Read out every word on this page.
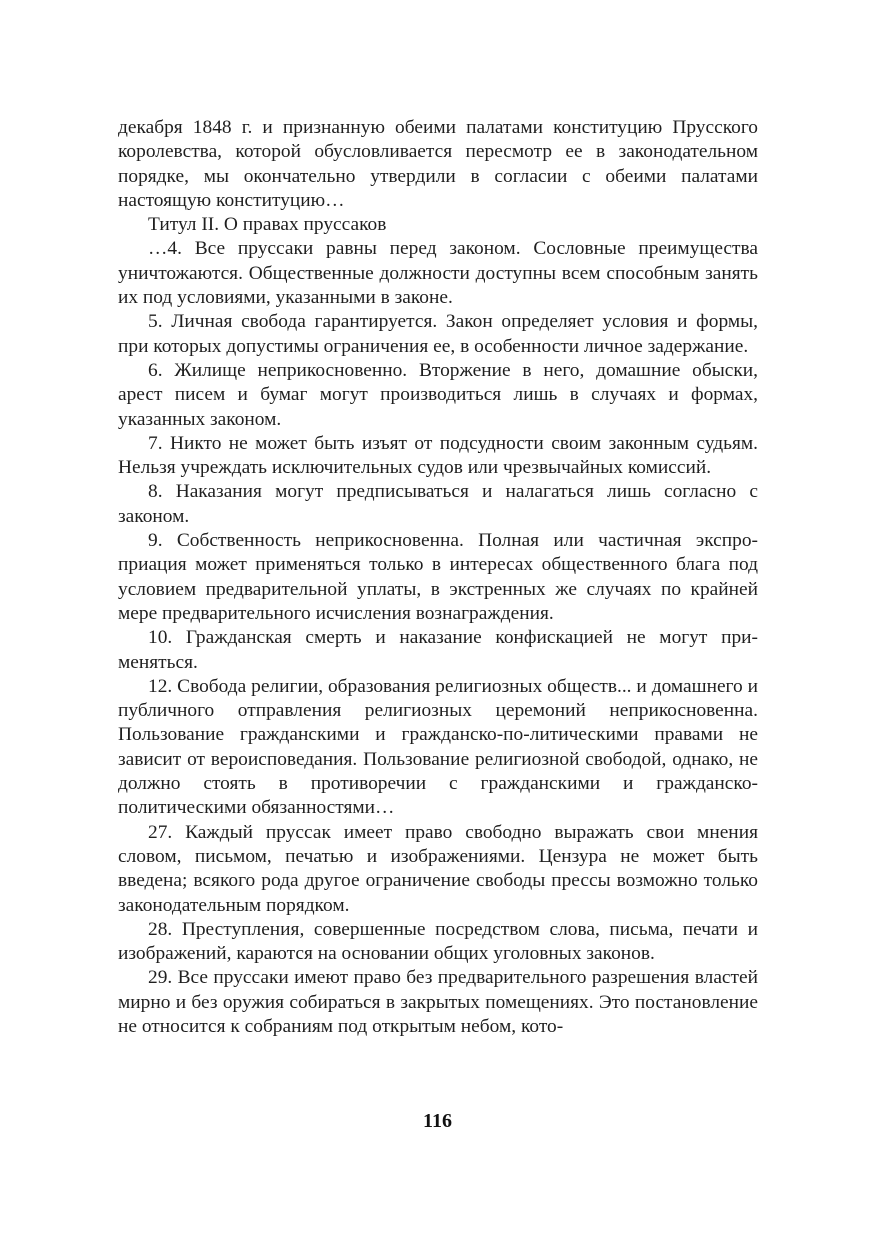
декабря 1848 г. и признанную обеими палатами конституцию Прусского королевства, которой обусловливается пересмотр ее в законодательном порядке, мы окончательно утвердили в согласии с обеими палатами настоящую конституцию…

Титул II. О правах пруссаков

…4. Все пруссаки равны перед законом. Сословные преимущества уничтожаются. Общественные должности доступны всем способным занять их под условиями, указанными в законе.

5. Личная свобода гарантируется. Закон определяет условия и формы, при которых допустимы ограничения ее, в особенности личное задержание.

6. Жилище неприкосновенно. Вторжение в него, домашние обыски, арест писем и бумаг могут производиться лишь в случаях и формах, указанных законом.

7. Никто не может быть изъят от подсудности своим законным судьям. Нельзя учреждать исключительных судов или чрезвычайных комиссий.

8. Наказания могут предписываться и налагаться лишь согласно с законом.

9. Собственность неприкосновенна. Полная или частичная экспроприация может применяться только в интересах общественного блага под условием предварительной уплаты, в экстренных же случаях по крайней мере предварительного исчисления вознаграждения.

10. Гражданская смерть и наказание конфискацией не могут применяться.

12. Свобода религии, образования религиозных обществ... и домашнего и публичного отправления религиозных церемоний неприкосновенна. Пользование гражданскими и гражданско-по-литическими правами не зависит от вероисповедания. Пользование религиозной свободой, однако, не должно стоять в противоречии с гражданскими и гражданско-политическими обязанностями…

27. Каждый пруссак имеет право свободно выражать свои мнения словом, письмом, печатью и изображениями. Цензура не может быть введена; всякого рода другое ограничение свободы прессы возможно только законодательным порядком.

28. Преступления, совершенные посредством слова, письма, печати и изображений, караются на основании общих уголовных законов.

29. Все пруссаки имеют право без предварительного разрешения властей мирно и без оружия собираться в закрытых помещениях. Это постановление не относится к собраниям под открытым небом, кото-

116
